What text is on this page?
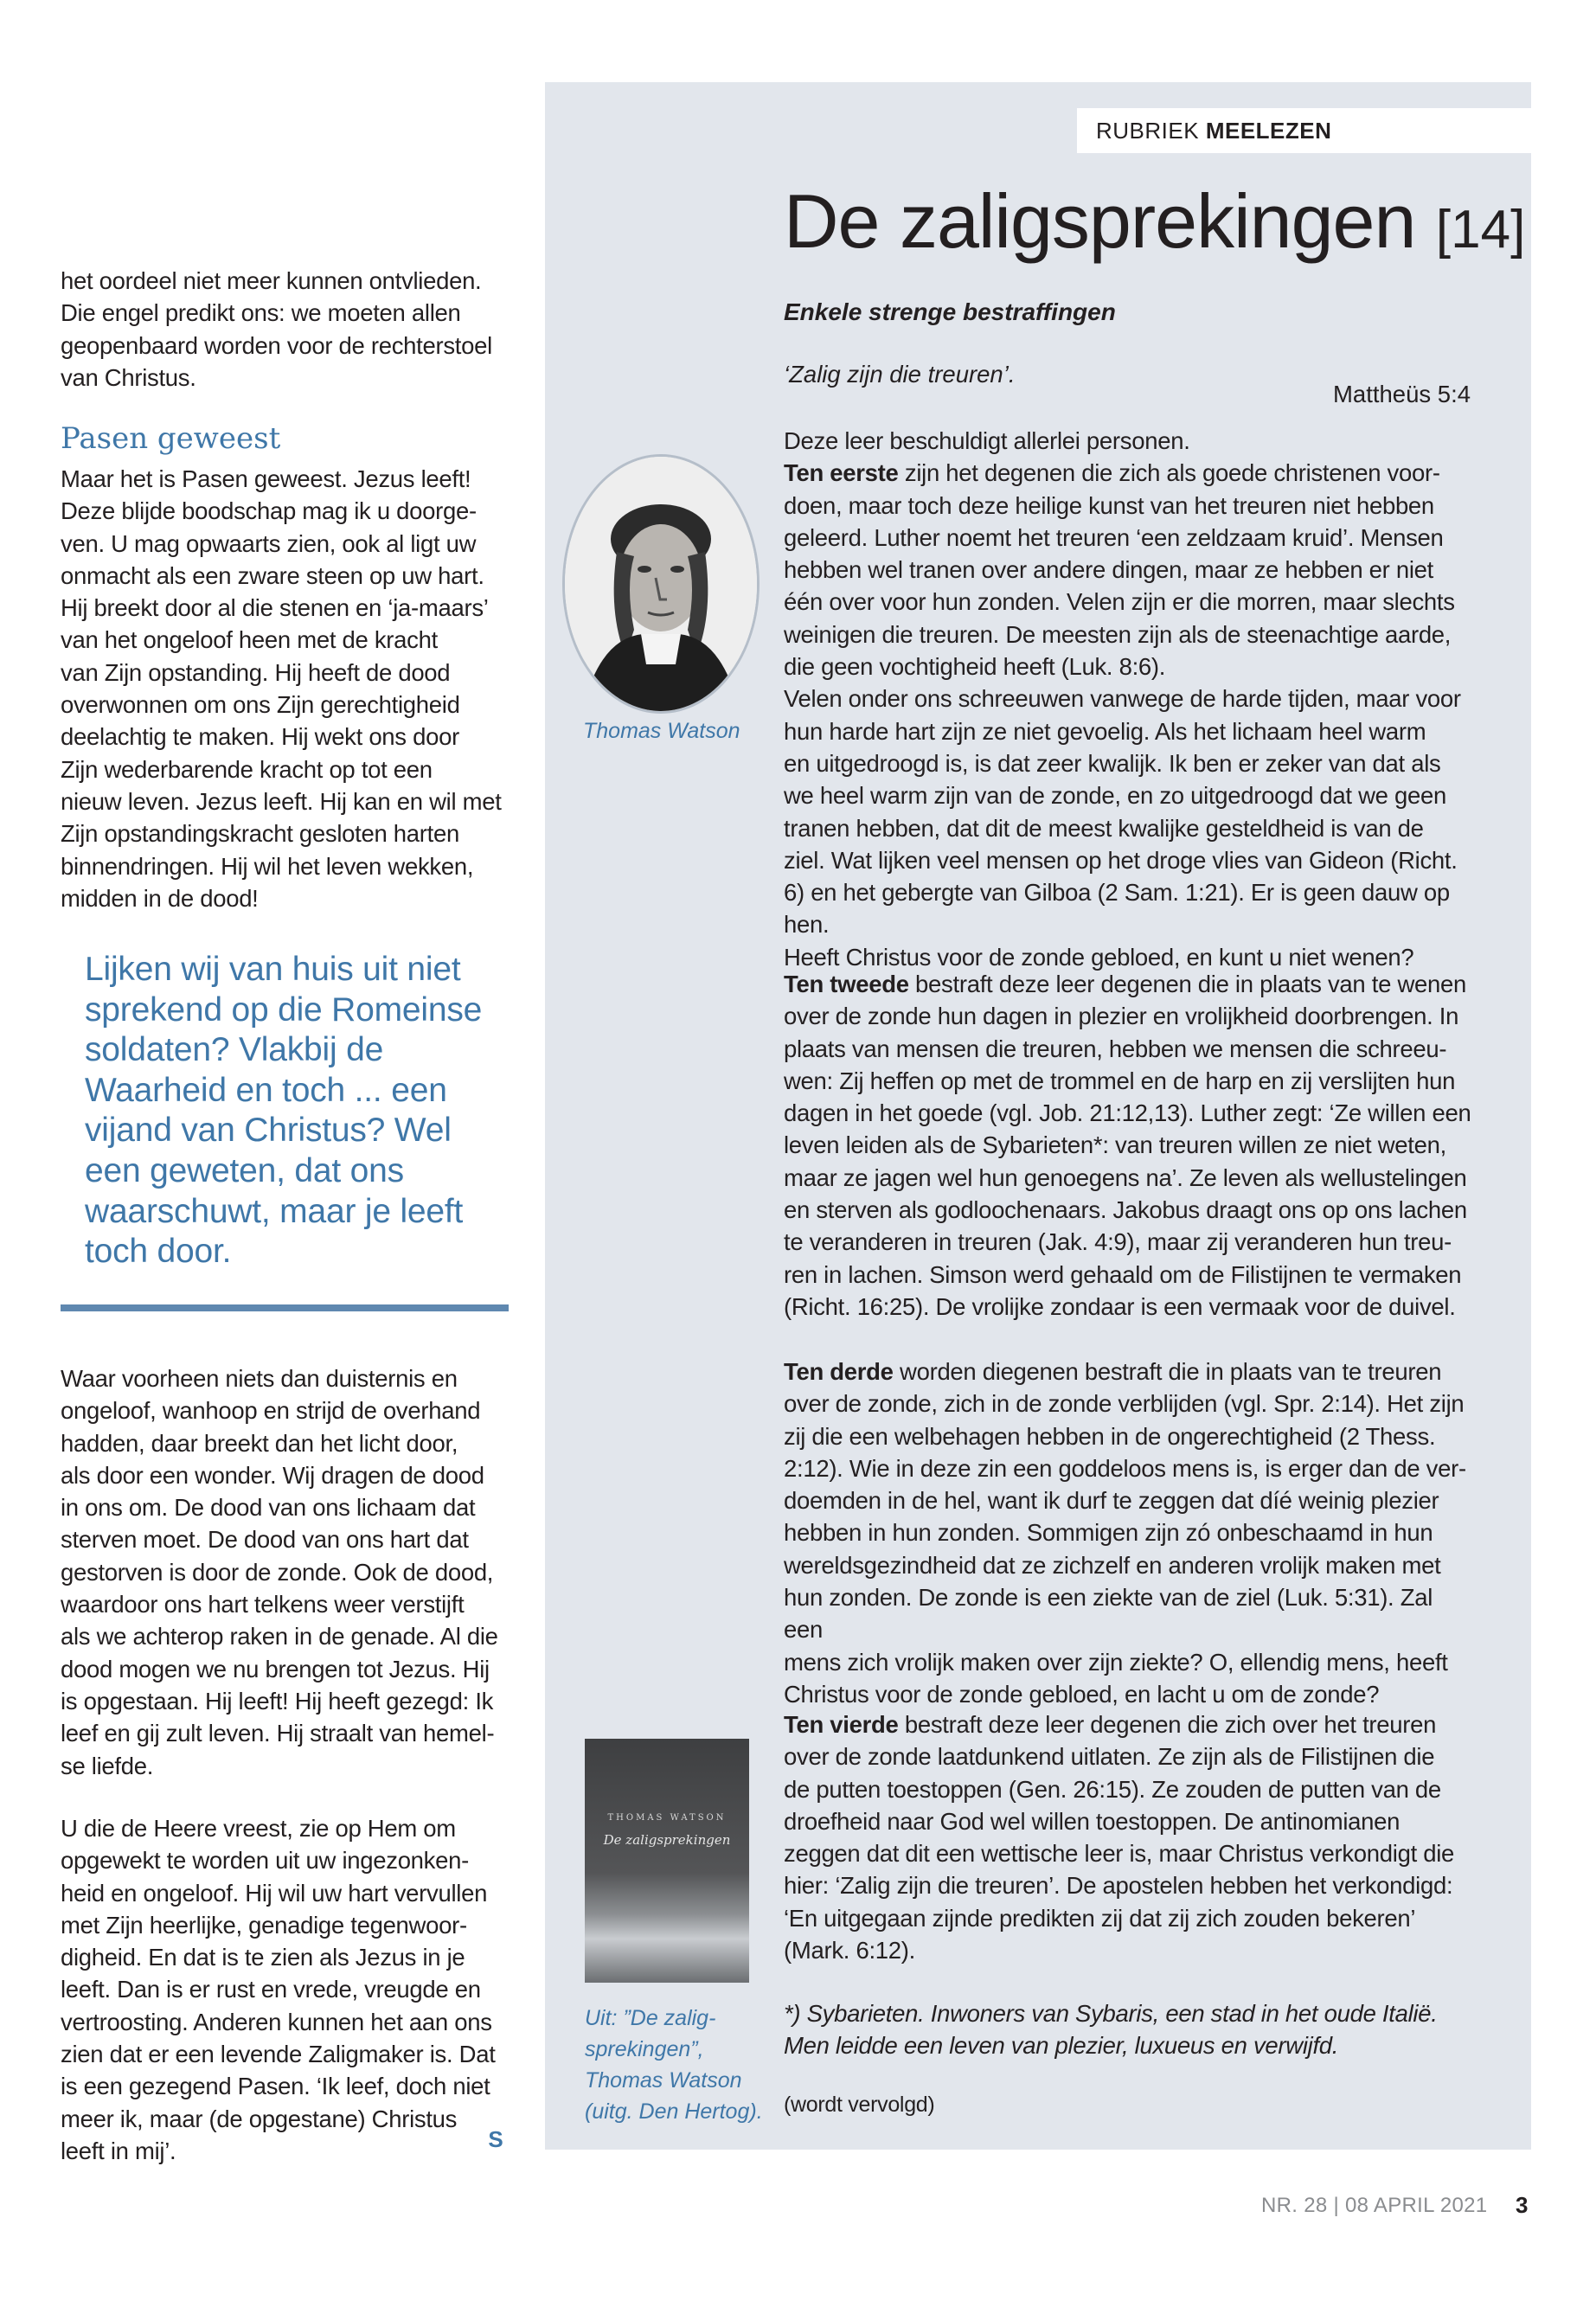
het oordeel niet meer kunnen ontvlieden.
Die engel predikt ons: we moeten allen
geopenbaard worden voor de rechterstoel
van Christus.

Pasen geweest

Maar het is Pasen geweest. Jezus leeft!
Deze blijde boodschap mag ik u doorge-
ven. U mag opwaarts zien, ook al ligt uw
onmacht als een zware steen op uw hart.
Hij breekt door al die stenen en ‘ja-maars’
van het ongeloof heen met de kracht
van Zijn opstanding. Hij heeft de dood
overwonnen om ons Zijn gerechtigheid
deelachtig te maken. Hij wekt ons door
Zijn wederbarende kracht op tot een
nieuw leven. Jezus leeft. Hij kan en wil met
Zijn opstandingskracht gesloten harten
binnendringen. Hij wil het leven wekken,
midden in de dood!

Lijken wij van huis uit niet
sprekend op die Romeinse
soldaten? Vlakbij de
Waarheid en toch ... een
vijand van Christus? Wel
een geweten, dat ons
waarschuwt, maar je leeft
toch door.

Waar voorheen niets dan duisternis en
ongeloof, wanhoop en strijd de overhand
hadden, daar breekt dan het licht door,
als door een wonder. Wij dragen de dood
in ons om. De dood van ons lichaam dat
sterven moet. De dood van ons hart dat
gestorven is door de zonde. Ook de dood,
waardoor ons hart telkens weer verstijft
als we achterop raken in de genade. Al die
dood mogen we nu brengen tot Jezus. Hij
is opgestaan. Hij leeft! Hij heeft gezegd: Ik
leef en gij zult leven. Hij straalt van hemel-
se liefde.

U die de Heere vreest, zie op Hem om
opgewekt te worden uit uw ingezonken-
heid en ongeloof. Hij wil uw hart vervullen
met Zijn heerlijke, genadige tegenwoor-
digheid. En dat is te zien als Jezus in je
leeft. Dan is er rust en vrede, vreugde en
vertroosting. Anderen kunnen het aan ons
zien dat er een levende Zaligmaker is. Dat
is een gezegend Pasen. ‘Ik leef, doch niet
meer ik, maar (de opgestane) Christus
leeft in mij’.	S
RUBRIEK MEELEZEN
De zaligsprekingen [14]
Enkele strenge bestraffingen
‘Zalig zijn die treuren’.
Mattheüs 5:4
Thomas Watson
THOMAS WATSON
De zaligsprekingen
Uit: ”De zalig-
sprekingen”,
Thomas Watson
(uitg. Den Hertog).

Deze leer beschuldigt allerlei personen.
Ten eerste zijn het degenen die zich als goede christenen voor-
doen, maar toch deze heilige kunst van het treuren niet hebben
geleerd. Luther noemt het treuren ‘een zeldzaam kruid’. Mensen
hebben wel tranen over andere dingen, maar ze hebben er niet
één over voor hun zonden. Velen zijn er die morren, maar slechts
weinigen die treuren. De meesten zijn als de steenachtige aarde,
die geen vochtigheid heeft (Luk. 8:6).
Velen onder ons schreeuwen vanwege de harde tijden, maar voor
hun harde hart zijn ze niet gevoelig. Als het lichaam heel warm
en uitgedroogd is, is dat zeer kwalijk. Ik ben er zeker van dat als
we heel warm zijn van de zonde, en zo uitgedroogd dat we geen
tranen hebben, dat dit de meest kwalijke gesteldheid is van de
ziel. Wat lijken veel mensen op het droge vlies van Gideon (Richt.
6) en het gebergte van Gilboa (2 Sam. 1:21). Er is geen dauw op hen.
Heeft Christus voor de zonde gebloed, en kunt u niet wenen?

Ten tweede bestraft deze leer degenen die in plaats van te wenen
over de zonde hun dagen in plezier en vrolijkheid doorbrengen. In
plaats van mensen die treuren, hebben we mensen die schreeu-
wen: Zij heffen op met de trommel en de harp en zij verslijten hun
dagen in het goede (vgl. Job. 21:12,13). Luther zegt: ‘Ze willen een
leven leiden als de Sybarieten*: van treuren willen ze niet weten,
maar ze jagen wel hun genoegens na’. Ze leven als wellustelingen
en sterven als godloochenaars. Jakobus draagt ons op ons lachen
te veranderen in treuren (Jak. 4:9), maar zij veranderen hun treu-
ren in lachen. Simson werd gehaald om de Filistijnen te vermaken
(Richt. 16:25). De vrolijke zondaar is een vermaak voor de duivel.

Ten derde worden diegenen bestraft die in plaats van te treuren
over de zonde, zich in de zonde verblijden (vgl. Spr. 2:14). Het zijn
zij die een welbehagen hebben in de ongerechtigheid (2 Thess.
2:12). Wie in deze zin een goddeloos mens is, is erger dan de ver-
doemden in de hel, want ik durf te zeggen dat díé weinig plezier
hebben in hun zonden. Sommigen zijn zó onbeschaamd in hun
wereldsgezindheid dat ze zichzelf en anderen vrolijk maken met
hun zonden. De zonde is een ziekte van de ziel (Luk. 5:31). Zal een
mens zich vrolijk maken over zijn ziekte? O, ellendig mens, heeft
Christus voor de zonde gebloed, en lacht u om de zonde?

Ten vierde bestraft deze leer degenen die zich over het treuren
over de zonde laatdunkend uitlaten. Ze zijn als de Filistijnen die
de putten toestoppen (Gen. 26:15). Ze zouden de putten van de
droefheid naar God wel willen toestoppen. De antinomianen
zeggen dat dit een wettische leer is, maar Christus verkondigt die
hier: ‘Zalig zijn die treuren’. De apostelen hebben het verkondigd:
‘En uitgegaan zijnde predikten zij dat zij zich zouden bekeren’
(Mark. 6:12).

*) Sybarieten. Inwoners van Sybaris, een stad in het oude Italië.
Men leidde een leven van plezier, luxueus en verwijfd.

(wordt vervolgd)

NR. 28 | 08 APRIL 2021 3
